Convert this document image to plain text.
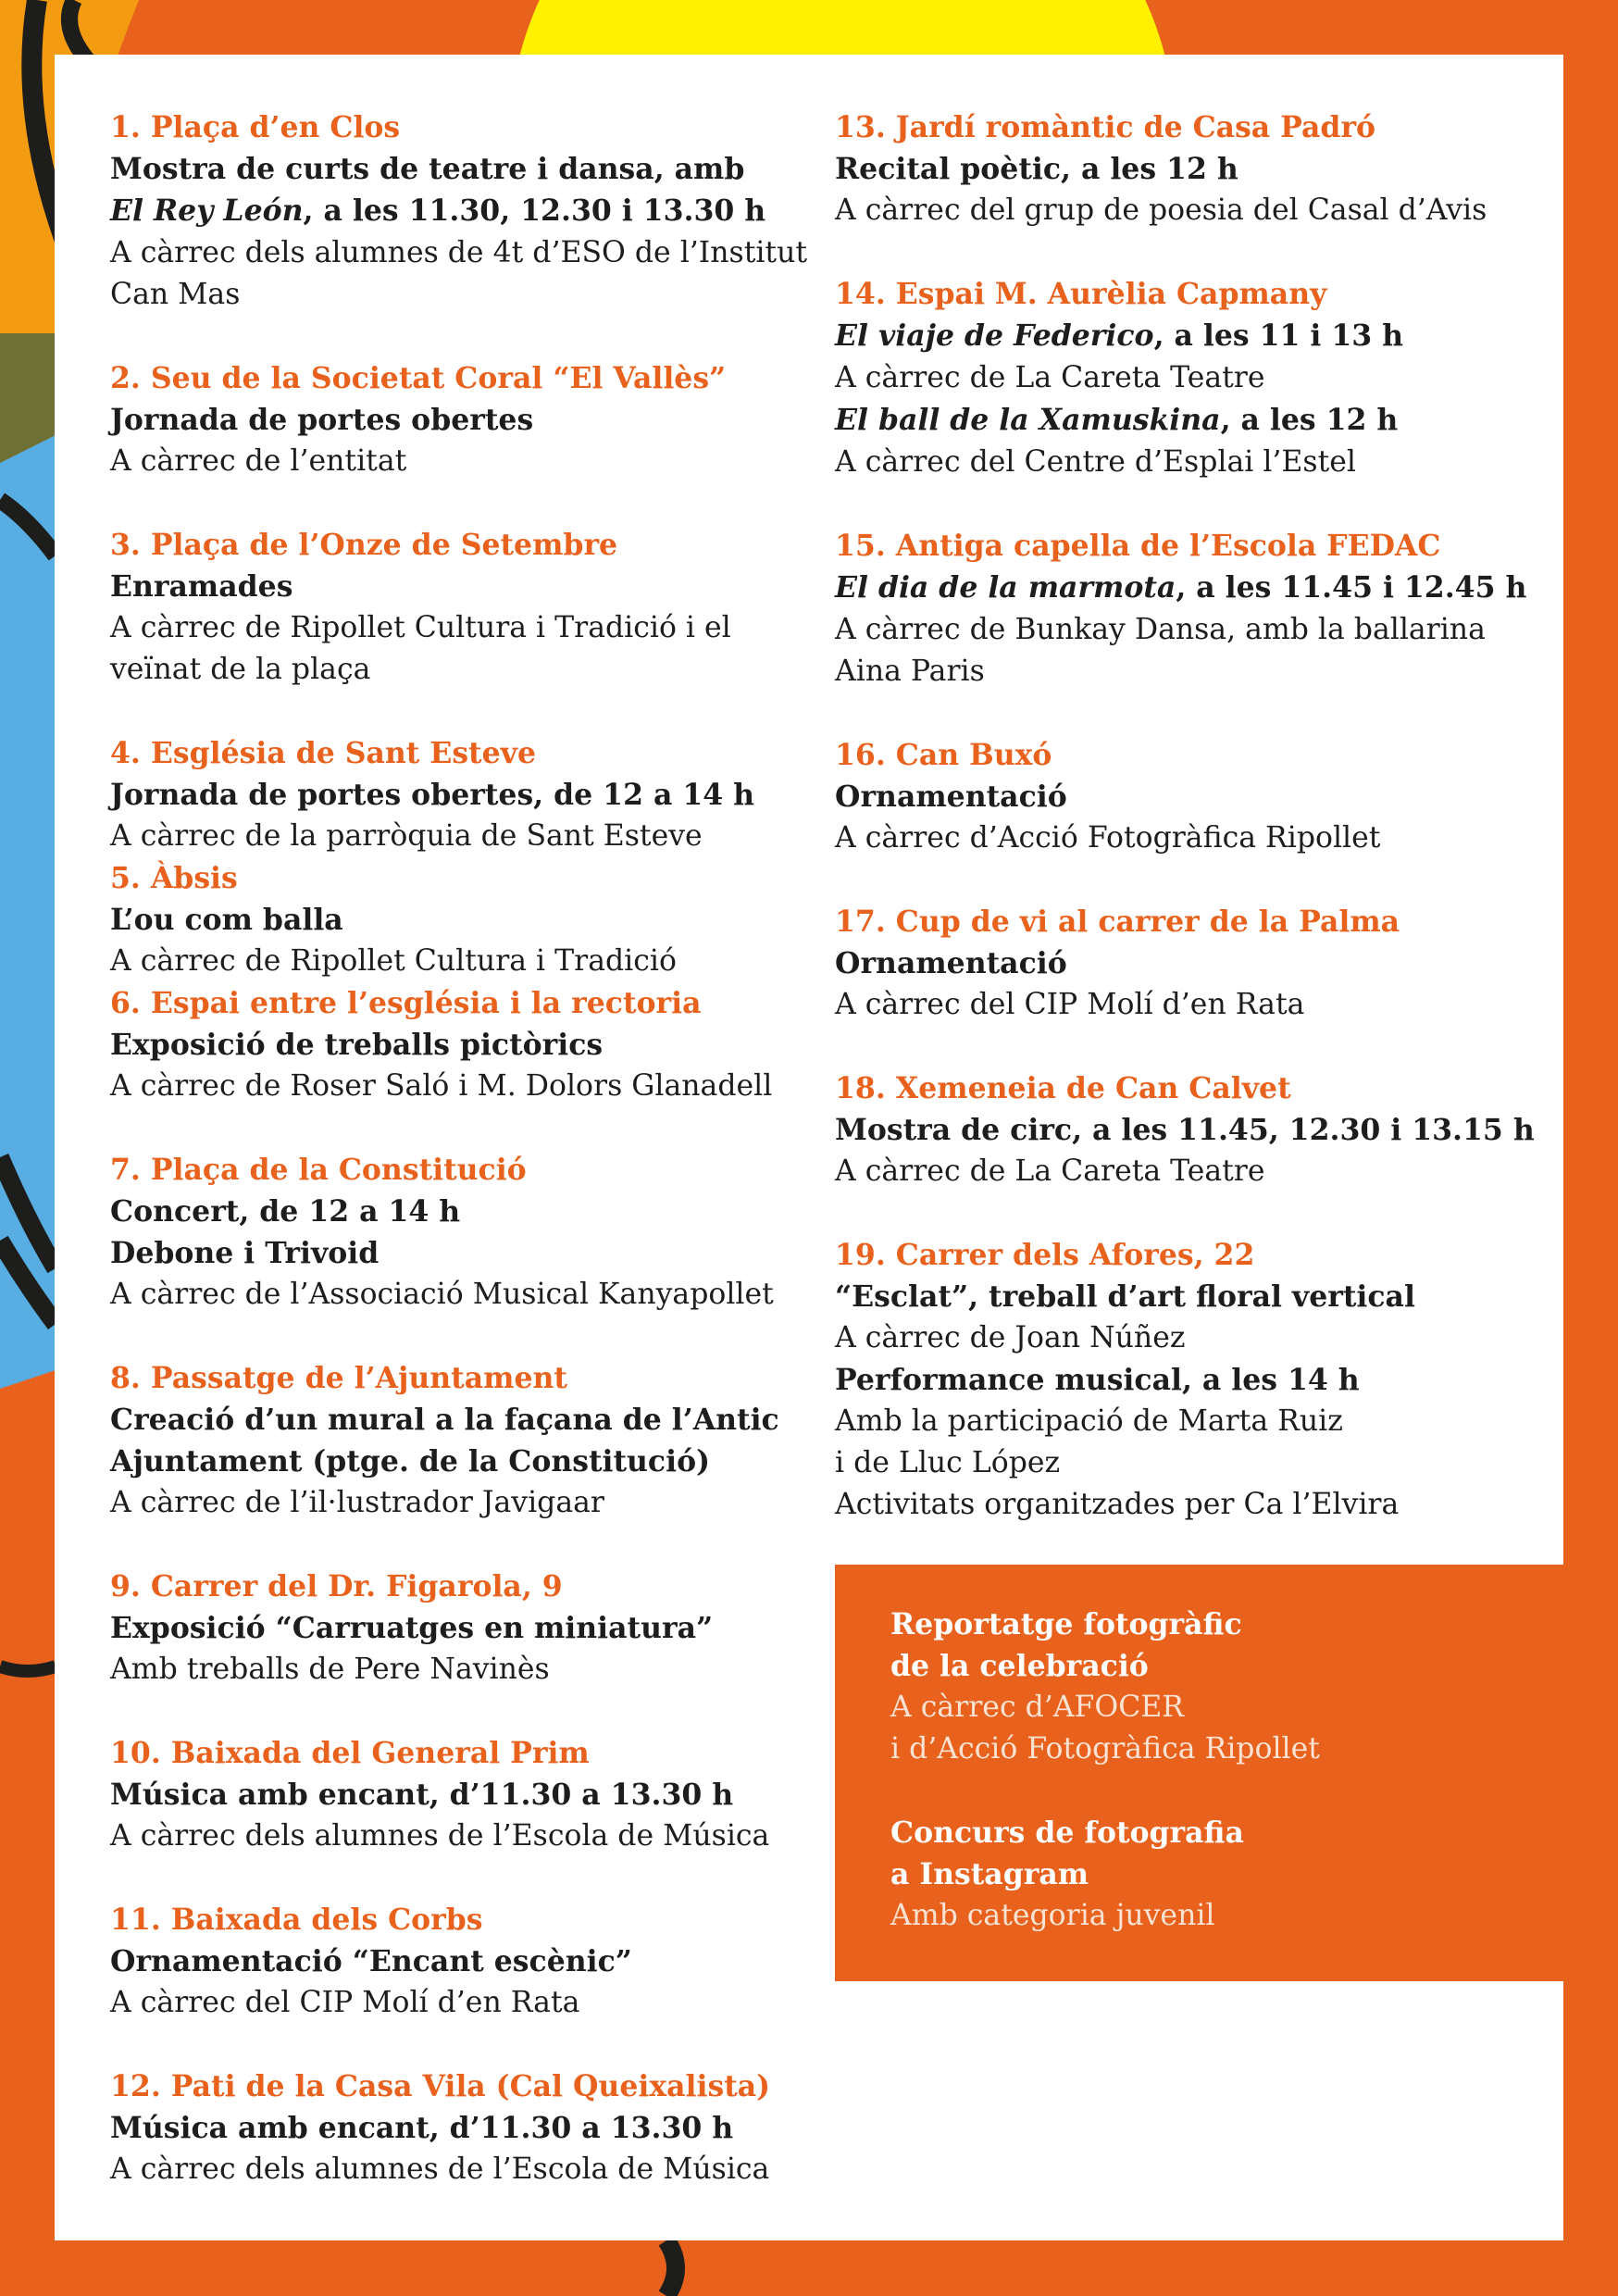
1. Plaça d’en Clos
Mostra de curts de teatre i dansa, amb
El Rey León, a les 11.30, 12.30 i 13.30 h
A càrrec dels alumnes de 4t d’ESO de l’Institut
Can Mas
2. Seu de la Societat Coral “El Vallès”
Jornada de portes obertes
A càrrec de l’entitat
3. Plaça de l’Onze de Setembre
Enramades
A càrrec de Ripollet Cultura i Tradició i el
veïnat de la plaça
4. Església de Sant Esteve
Jornada de portes obertes, de 12 a 14 h
A càrrec de la parròquia de Sant Esteve
5. Àbsis
L’ou com balla
A càrrec de Ripollet Cultura i Tradició
6. Espai entre l’església i la rectoria
Exposició de treballs pictòrics
A càrrec de Roser Saló i M. Dolors Glanadell
7. Plaça de la Constitució
Concert, de 12 a 14 h
Debone i Trivoid
A càrrec de l’Associació Musical Kanyapollet
8. Passatge de l’Ajuntament
Creació d’un mural a la façana de l’Antic
Ajuntament (ptge. de la Constitució)
A càrrec de l’il·lustrador Javigaar
9. Carrer del Dr. Figarola, 9
Exposició “Carruatges en miniatura”
Amb treballs de Pere Navinès
10. Baixada del General Prim
Música amb encant, d’11.30 a 13.30 h
A càrrec dels alumnes de l’Escola de Música
11. Baixada dels Corbs
Ornamentació “Encant escènic”
A càrrec del CIP Molí d’en Rata
12. Pati de la Casa Vila (Cal Queixalista)
Música amb encant, d’11.30 a 13.30 h
A càrrec dels alumnes de l’Escola de Música
13. Jardí romàntic de Casa Padró
Recital poètic, a les 12 h
A càrrec del grup de poesia del Casal d’Avis
14. Espai M. Aurèlia Capmany
El viaje de Federico, a les 11 i 13 h
A càrrec de La Careta Teatre
El ball de la Xamuskina, a les 12 h
A càrrec del Centre d’Esplai l’Estel
15. Antiga capella de l’Escola FEDAC
El dia de la marmota, a les 11.45 i 12.45 h
A càrrec de Bunkay Dansa, amb la ballarina
Aina Paris
16. Can Buxó
Ornamentació
A càrrec d’Acció Fotogràfica Ripollet
17. Cup de vi al carrer de la Palma
Ornamentació
A càrrec del CIP Molí d’en Rata
18. Xemeneia de Can Calvet
Mostra de circ, a les 11.45, 12.30 i 13.15 h
A càrrec de La Careta Teatre
19. Carrer dels Afores, 22
“Esclat”, treball d’art floral vertical
A càrrec de Joan Núñez
Performance musical, a les 14 h
Amb la participació de Marta Ruiz
i de Lluc López
Activitats organitzades per Ca l’Elvira
Reportatge fotogràfic
de la celebració
A càrrec d’AFOCER
i d’Acció Fotogràfica Ripollet
Concurs de fotografia
a Instagram
Amb categoria juvenil
